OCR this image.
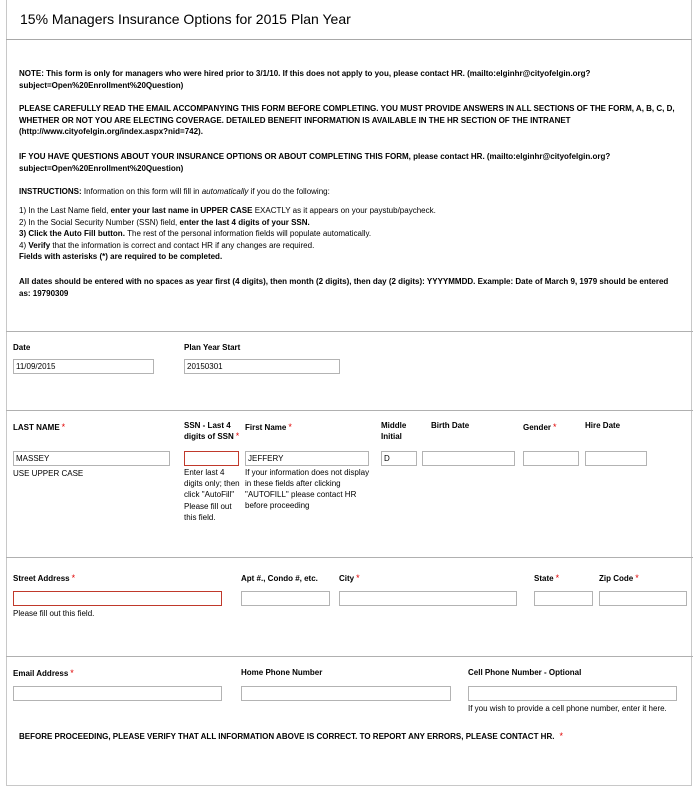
15% Managers Insurance Options for 2015 Plan Year
NOTE: This form is only for managers who were hired prior to 3/1/10. If this does not apply to you, please contact HR. (mailto:elginhr@cityofelgin.org?subject=Open%20Enrollment%20Question)
PLEASE CAREFULLY READ THE EMAIL ACCOMPANYING THIS FORM BEFORE COMPLETING. YOU MUST PROVIDE ANSWERS IN ALL SECTIONS OF THE FORM, A, B, C, D, WHETHER OR NOT YOU ARE ELECTING COVERAGE. DETAILED BENEFIT INFORMATION IS AVAILABLE IN THE HR SECTION OF THE INTRANET (http://www.cityofelgin.org/index.aspx?nid=742).
IF YOU HAVE QUESTIONS ABOUT YOUR INSURANCE OPTIONS OR ABOUT COMPLETING THIS FORM, please contact HR. (mailto:elginhr@cityofelgin.org?subject=Open%20Enrollment%20Question)
INSTRUCTIONS: Information on this form will fill in automatically if you do the following:
1) In the Last Name field, enter your last name in UPPER CASE EXACTLY as it appears on your paystub/paycheck.
2) In the Social Security Number (SSN) field, enter the last 4 digits of your SSN.
3) Click the Auto Fill button. The rest of the personal information fields will populate automatically.
4) Verify that the information is correct and contact HR if any changes are required.
Fields with asterisks (*) are required to be completed.
All dates should be entered with no spaces as year first (4 digits), then month (2 digits), then day (2 digits): YYYYMMDD. Example: Date of March 9, 1979 should be entered as: 19790309
Date
11/09/2015
Plan Year Start
20150301
LAST NAME *
MASSEY
USE UPPER CASE
SSN - Last 4
digits of SSN *
Enter last 4 digits only; then click "AutoFill"
Please fill out this field.
First Name *
JEFFERY
If your information does not display in these fields after clicking "AUTOFILL" please contact HR before proceeding
Middle
Initial
D
Birth Date	Gender *	Hire Date
Street Address *
Please fill out this field.
Apt #., Condo #, etc.	City *	State *	Zip Code *
Email Address *	Home Phone Number	Cell Phone Number - Optional
If you wish to provide a cell phone number, enter it here.
BEFORE PROCEEDING, PLEASE VERIFY THAT ALL INFORMATION ABOVE IS CORRECT. TO REPORT ANY ERRORS, PLEASE CONTACT HR. *
